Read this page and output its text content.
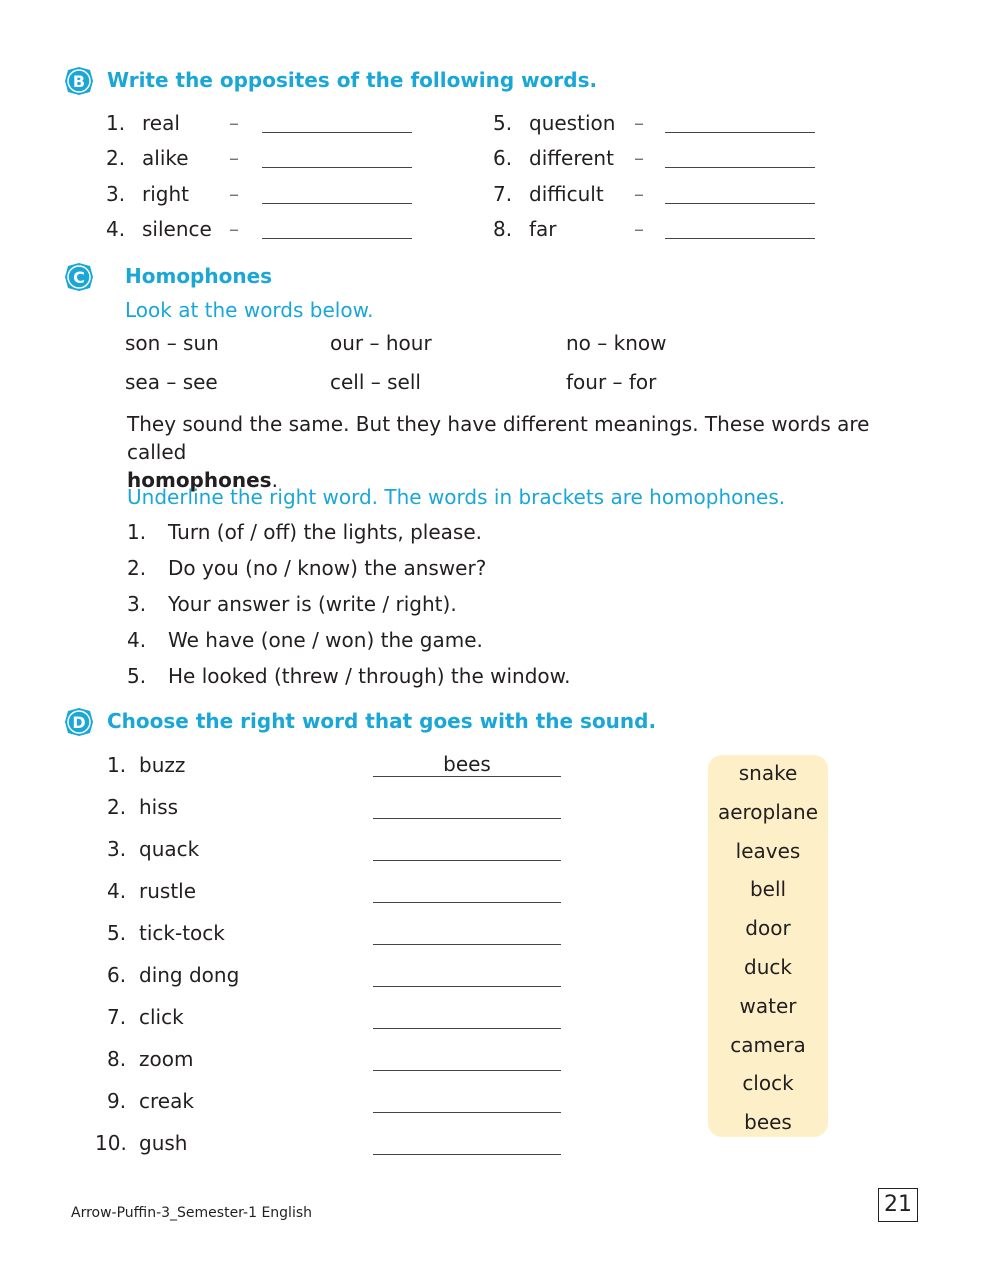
B Write the opposites of the following words.
1. real –
2. alike –
3. right –
4. silence –
5. question –
6. different –
7. difficult –
8. far	–
C Homophones
Look at the words below.
son – sun	our – hour	no – know
sea – see	cell – sell	four – for
They sound the same. But they have different meanings. These words are called
homophones.
Underline the right word. The words in brackets are homophones.
1. Turn (of / off) the lights, please.
2. Do you (no / know) the answer?
3. Your answer is (write / right).
4. We have (one / won) the game.
5. He looked (threw / through) the window.
D Choose the right word that goes with the sound.
1. buzz	bees
2. hiss
3. quack
4. rustle
5. tick-tock
6. ding dong
7. click
8. zoom
9. creak
10. gush
snake
aeroplane
leaves
bell
door
duck
water
camera
clock
bees
Arrow-Puffin-3_Semester-1 English	21
